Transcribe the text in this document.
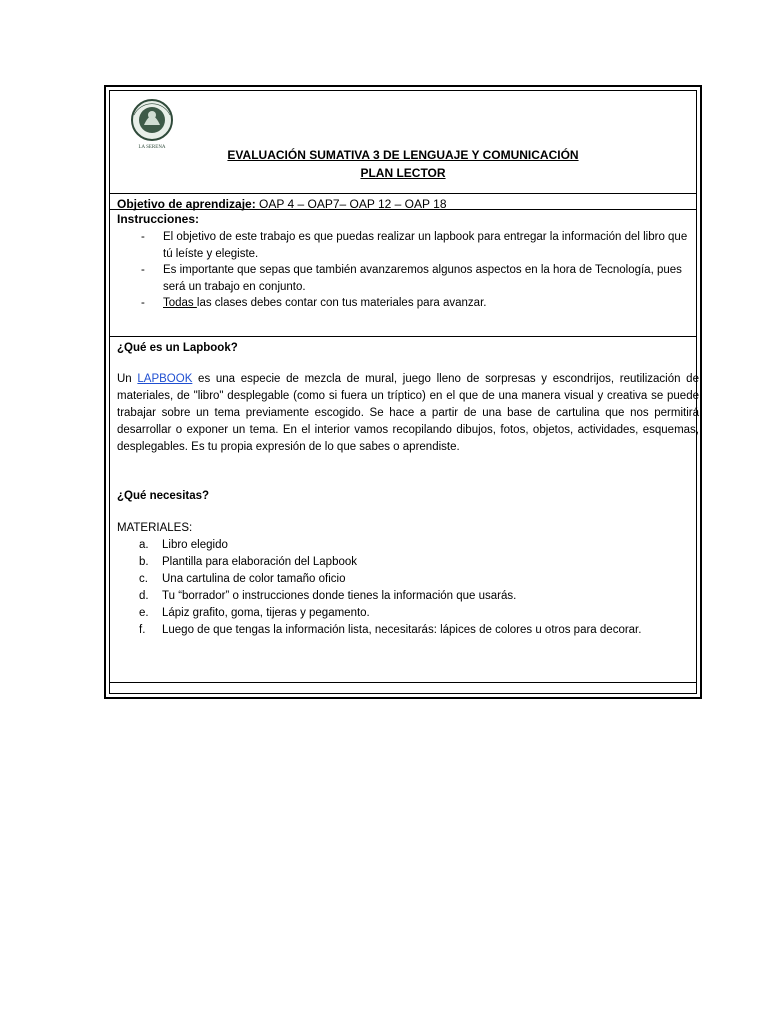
LA SERENA
EVALUACIÓN SUMATIVA 3 DE LENGUAJE Y COMUNICACIÓN
PLAN LECTOR
Objetivo de aprendizaje: OAP 4 – OAP7– OAP 12 – OAP 18
Instrucciones:
- El objetivo de este trabajo es que puedas realizar un lapbook para entregar la información del libro que tú leíste y elegiste.
- Es importante que sepas que también avanzaremos algunos aspectos en la hora de Tecnología, pues será un trabajo en conjunto.
- Todas las clases debes contar con tus materiales para avanzar.
¿Qué es un Lapbook?
Un LAPBOOK es una especie de mezcla de mural, juego lleno de sorpresas y escondrijos, reutilización de materiales, de "libro" desplegable (como si fuera un tríptico) en el que de una manera visual y creativa se puede trabajar sobre un tema previamente escogido. Se hace a partir de una base de cartulina que nos permitirá desarrollar o exponer un tema. En el interior vamos recopilando dibujos, fotos, objetos, actividades, esquemas, desplegables. Es tu propia expresión de lo que sabes o aprendiste.
¿Qué necesitas?
MATERIALES:
a. Libro elegido
b. Plantilla para elaboración del Lapbook
c. Una cartulina de color tamaño oficio
d. Tu “borrador” o instrucciones donde tienes la información que usarás.
e. Lápiz grafito, goma, tijeras y pegamento.
f. Luego de que tengas la información lista, necesitarás: lápices de colores u otros para decorar.
